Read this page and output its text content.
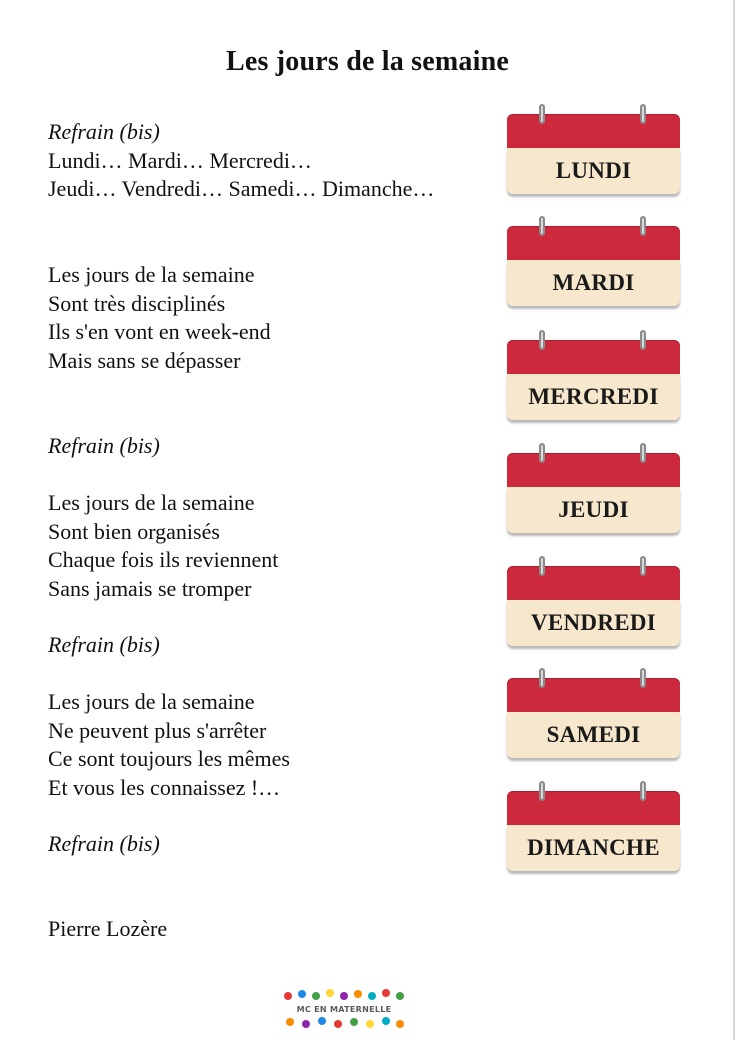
Les jours de la semaine
Refrain (bis)
Lundi… Mardi… Mercredi…
Jeudi… Vendredi… Samedi… Dimanche…
Les jours de la semaine
Sont très disciplinés
Ils s'en vont en week-end
Mais sans se dépasser
Refrain (bis)
Les jours de la semaine
Sont bien organisés
Chaque fois ils reviennent
Sans jamais se tromper
Refrain (bis)
Les jours de la semaine
Ne peuvent plus s'arrêter
Ce sont toujours les mêmes
Et vous les connaissez !…
Refrain (bis)
Pierre Lozère
LUNDI
MARDI
MERCREDI
JEUDI
VENDREDI
SAMEDI
DIMANCHE
MC EN MATERNELLE
